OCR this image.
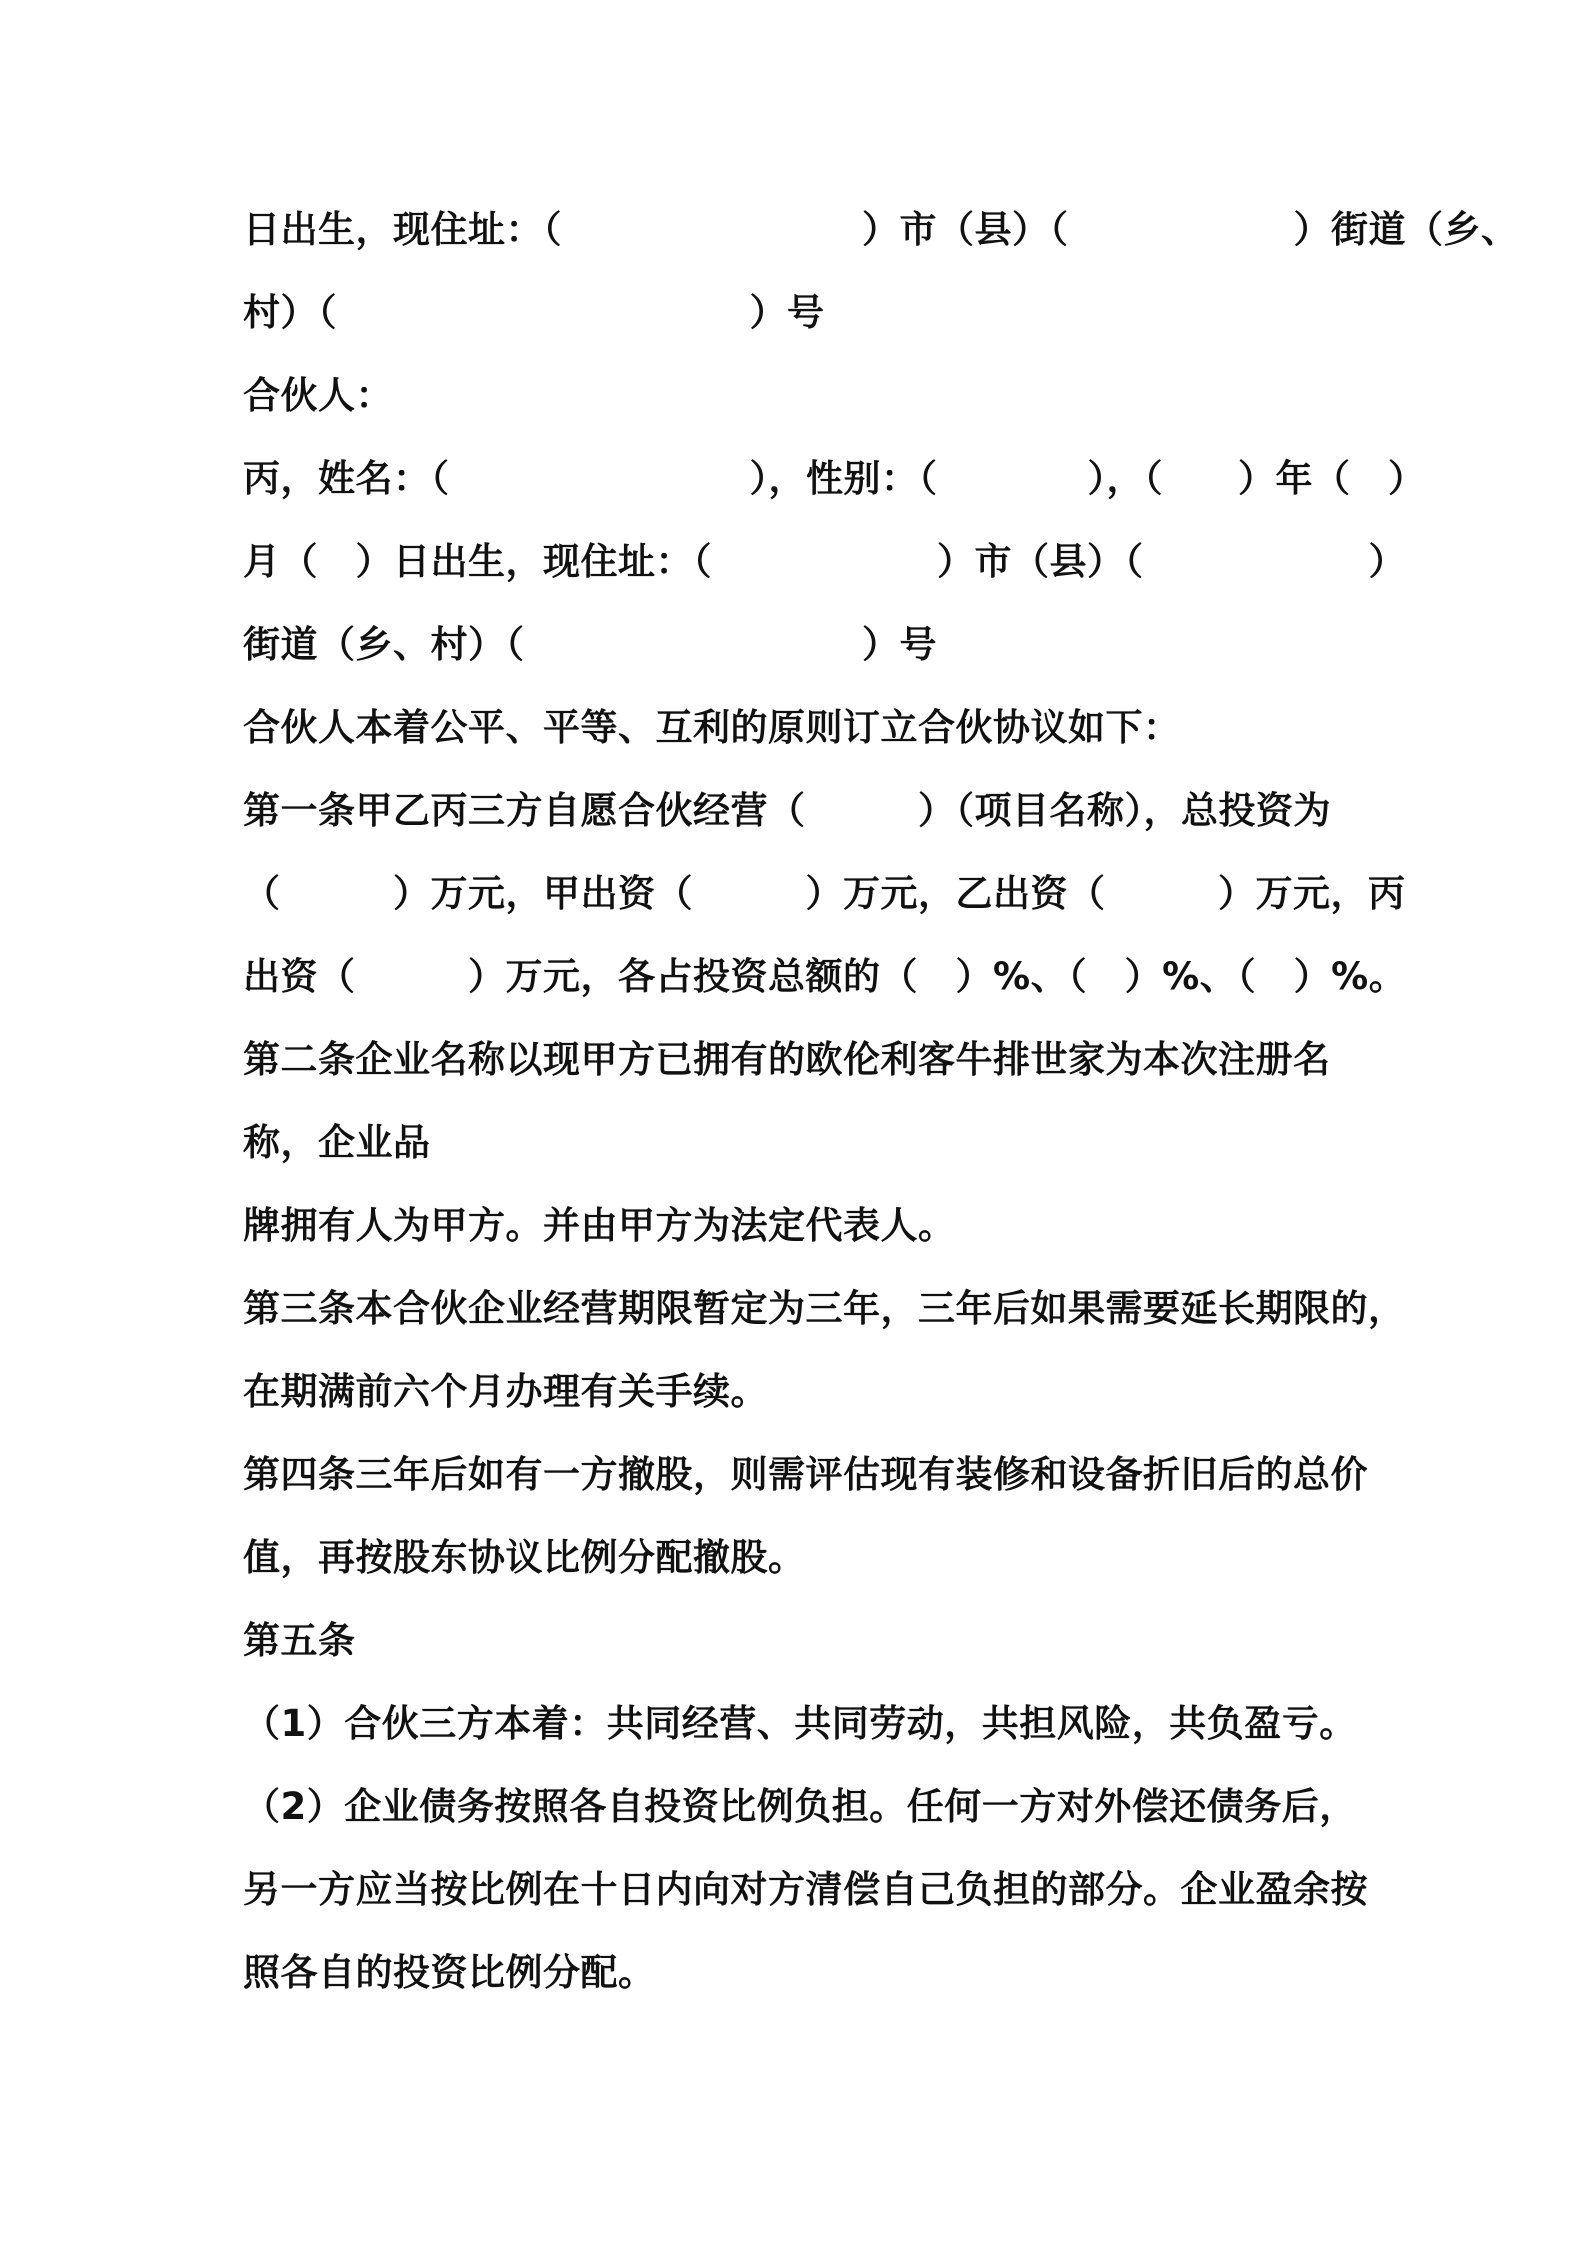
日出生，现住址：（　　　　　　　　）市（县）（　　　　　　）街道（乡、
村）（　　　　　　　　　　　）号
合伙人：
丙，姓名：（　　　　　　　　），性别：（　　　　），（　　）年（　）
月（　）日出生，现住址：（　　　　　　）市（县）（　　　　　　）
街道（乡、村）（　　　　　　　　　）号
合伙人本着公平、平等、互利的原则订立合伙协议如下：
第一条甲乙丙三方自愿合伙经营（　　　）（项目名称），总投资为
（　　　）万元，甲出资（　　　）万元，乙出资（　　　）万元，丙
出资（　　　）万元，各占投资总额的（　）%、（　）%、（　）%。
第二条企业名称以现甲方已拥有的欧伦利客牛排世家为本次注册名
称，企业品
牌拥有人为甲方。并由甲方为法定代表人。
第三条本合伙企业经营期限暂定为三年，三年后如果需要延长期限的，
在期满前六个月办理有关手续。
第四条三年后如有一方撤股，则需评估现有装修和设备折旧后的总价
值，再按股东协议比例分配撤股。
第五条
（1）合伙三方本着：共同经营、共同劳动，共担风险，共负盈亏。
（2）企业债务按照各自投资比例负担。任何一方对外偿还债务后，
另一方应当按比例在十日内向对方清偿自己负担的部分。企业盈余按
照各自的投资比例分配。
